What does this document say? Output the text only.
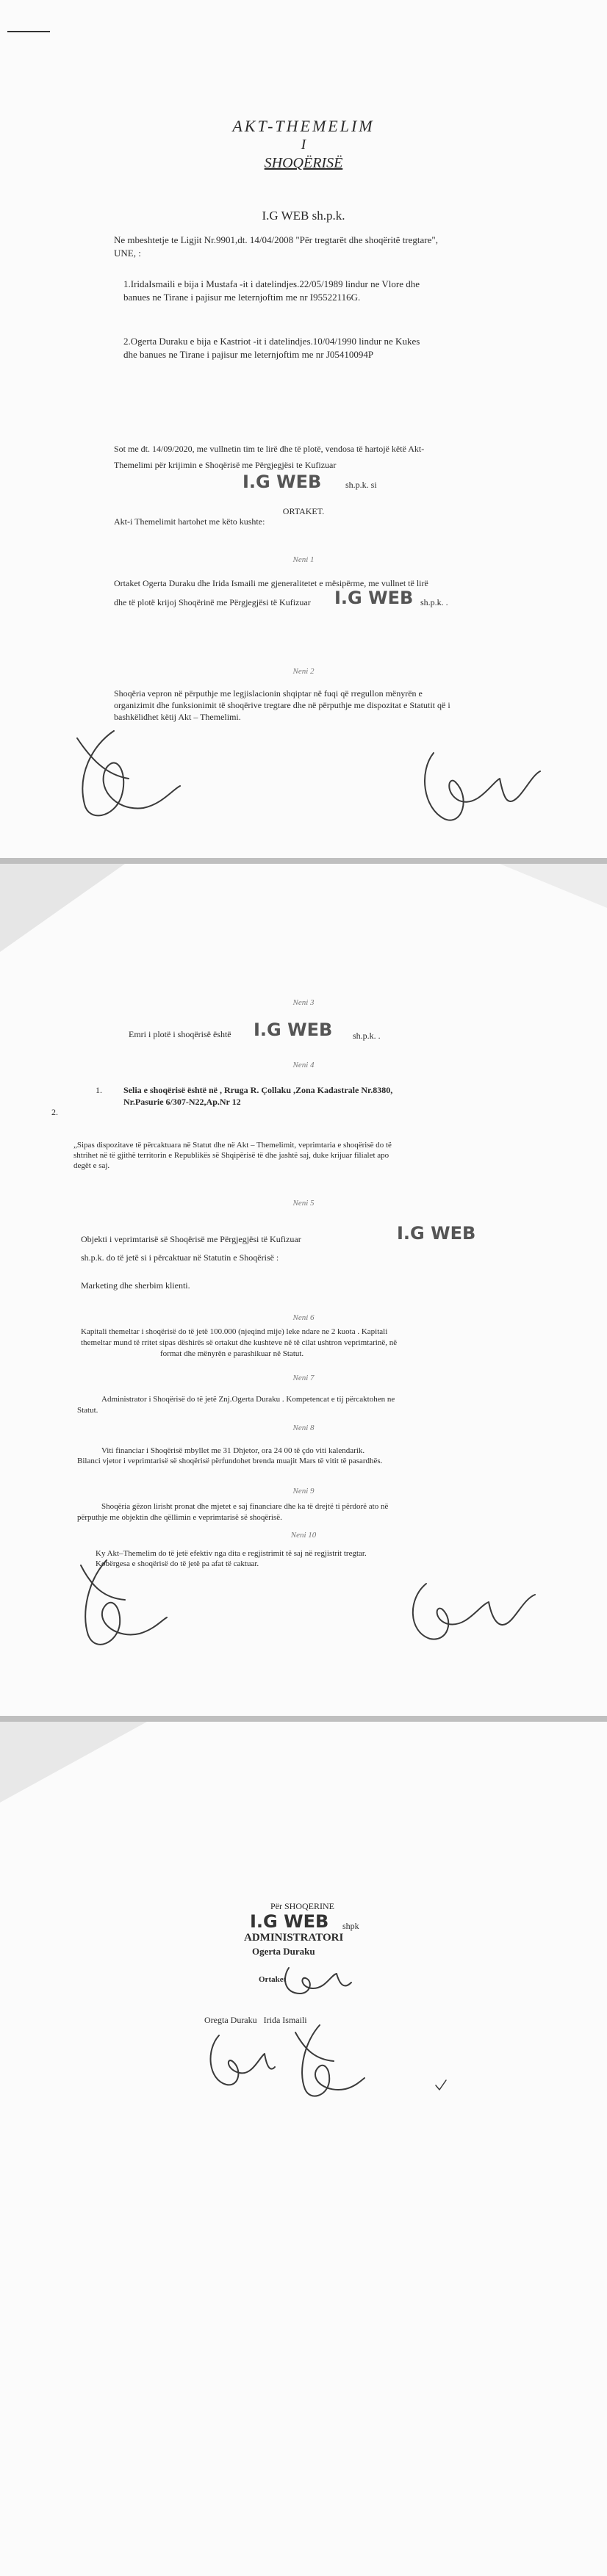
AKT-THEMELIM
I
SHOQËRISË
I.G WEB sh.p.k.
Ne mbeshtetje te Ligjit Nr.9901,dt. 14/04/2008 "Për tregtarët dhe shoqëritë tregtare",
UNE, :
1.IridaIsmaili e bija i Mustafa -it i datelindjes.22/05/1989 lindur ne Vlore dhe
banues ne Tirane i pajisur me leternjoftim me nr I95522116G.
2.Ogerta Duraku e bija e Kastriot -it i datelindjes.10/04/1990 lindur ne Kukes
dhe banues ne Tirane i pajisur me leternjoftim me nr J05410094P
Sot me dt. 14/09/2020, me vullnetin tim te lirë dhe të plotë, vendosa të hartojë këtë Akt-
Themelimi për krijimin e Shoqërisë me Përgjegjësi te Kufizuar
I.G WEB	sh.p.k. si
ORTAKET.
Akt-i Themelimit hartohet me këto kushte:
Neni 1
Ortaket Ogerta Duraku dhe Irida Ismaili me gjeneralitetet e mësipërme, me vullnet të lirë
dhe të plotë krijoj Shoqërinë me Përgjegjësi të Kufizuar I.G WEB sh.p.k. .
Neni 2
Shoqëria vepron në përputhje me legjislacionin shqiptar në fuqi që rregullon mënyrën e
organizimit dhe funksionimit të shoqërive tregtare dhe në përputhje me dispozitat e Statutit që i
bashkëlidhet këtij Akt – Themelimi.
Neni 3
Emri i plotë i shoqërisë është I.G WEB sh.p.k. .
Neni 4
1. Selia e shoqërisë është në , Rruga R. Çollaku ,Zona Kadastrale Nr.8380,
Nr.Pasurie 6/307-N22,Ap.Nr 12
2.
„Sipas dispozitave të përcaktuara në Statut dhe në Akt – Themelimit, veprimtaria e shoqërisë do të
shtrihet në të gjithë territorin e Republikës së Shqipërisë të dhe jashtë saj, duke krijuar filialet apo
degët e saj.
Neni 5
Objekti i veprimtarisë së Shoqërisë me Përgjegjësi të Kufizuar	I.G WEB
sh.p.k. do të jetë si i përcaktuar në Statutin e Shoqërisë :
Marketing dhe sherbim klienti.
Neni 6
Kapitali themeltar i shoqërisë do të jetë 100.000 (njeqind mije) leke ndare ne 2 kuota . Kapitali
themeltar mund të rritet sipas dëshirës së ortakut dhe kushteve në të cilat ushtron veprimtarinë, në
format dhe mënyrën e parashikuar në Statut.
Neni 7
Administrator i Shoqërisë do të jetë Znj.Ogerta Duraku . Kompetencat e tij përcaktohen ne
Statut.
Neni 8
Viti financiar i Shoqërisë mbyllet me 31 Dhjetor, ora 24 00 të çdo viti kalendarik.
Bilanci vjetor i veprimtarisë së shoqërisë përfundohet brenda muajit Mars të vitit të pasardhës.
Neni 9
Shoqëria gëzon lirisht pronat dhe mjetet e saj financiare dhe ka të drejtë ti përdorë ato në
përputhje me objektin dhe qëllimin e veprimtarisë së shoqërisë.
Neni 10
Ky Akt–Themelim do të jetë efektiv nga dita e regjistrimit të saj në regjistrit tregtar.
Kobërgesa e shoqërisë do të jetë pa afat të caktuar.
Për SHOQERINE
I.G WEB shpk
ADMINISTRATORI
Ogerta Duraku
Ortaket
Oregta Duraku   Irida Ismaili
